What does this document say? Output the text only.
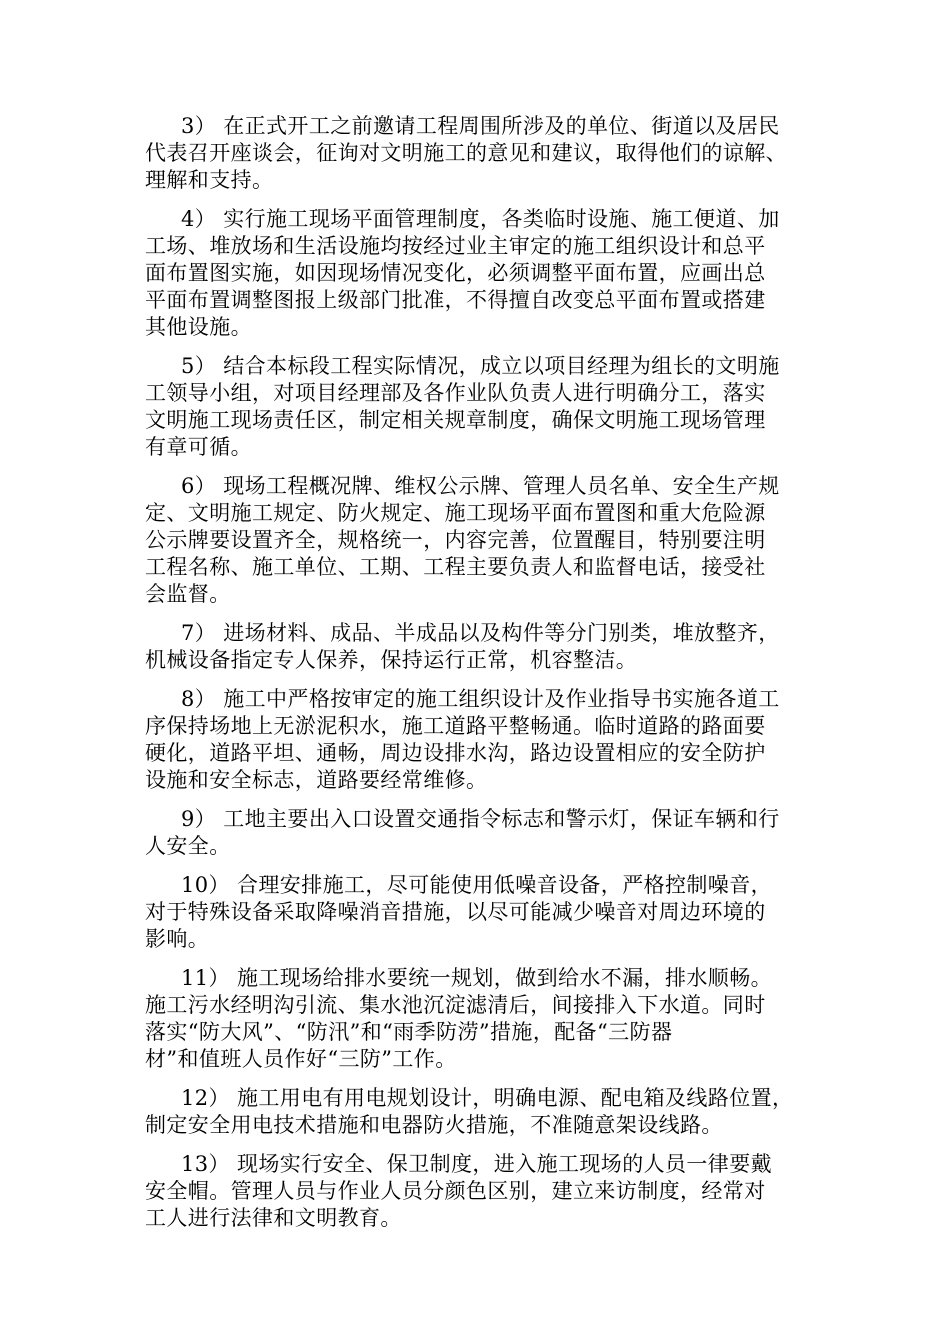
3） 在正式开工之前邀请工程周围所涉及的单位、街道以及居民
代表召开座谈会，征询对文明施工的意见和建议，取得他们的谅解、
理解和支持。

4） 实行施工现场平面管理制度，各类临时设施、施工便道、加
工场、堆放场和生活设施均按经过业主审定的施工组织设计和总平
面布置图实施，如因现场情况变化，必须调整平面布置，应画出总
平面布置调整图报上级部门批准，不得擅自改变总平面布置或搭建
其他设施。

5） 结合本标段工程实际情况，成立以项目经理为组长的文明施
工领导小组，对项目经理部及各作业队负责人进行明确分工，落实
文明施工现场责任区，制定相关规章制度，确保文明施工现场管理
有章可循。

6） 现场工程概况牌、维权公示牌、管理人员名单、安全生产规
定、文明施工规定、防火规定、施工现场平面布置图和重大危险源
公示牌要设置齐全，规格统一，内容完善，位置醒目，特别要注明
工程名称、施工单位、工期、工程主要负责人和监督电话，接受社
会监督。

7） 进场材料、成品、半成品以及构件等分门别类，堆放整齐，
机械设备指定专人保养，保持运行正常，机容整洁。

8） 施工中严格按审定的施工组织设计及作业指导书实施各道工
序保持场地上无淤泥积水，施工道路平整畅通。临时道路的路面要
硬化，道路平坦、通畅，周边设排水沟，路边设置相应的安全防护
设施和安全标志，道路要经常维修。

9） 工地主要出入口设置交通指令标志和警示灯，保证车辆和行
人安全。

10） 合理安排施工，尽可能使用低噪音设备，严格控制噪音，
对于特殊设备采取降噪消音措施，以尽可能减少噪音对周边环境的
影响。

11） 施工现场给排水要统一规划，做到给水不漏，排水顺畅。
施工污水经明沟引流、集水池沉淀滤清后，间接排入下水道。同时
落实“防大风”、“防汛”和“雨季防涝”措施，配备“三防器
材”和值班人员作好“三防”工作。

12） 施工用电有用电规划设计，明确电源、配电箱及线路位置，
制定安全用电技术措施和电器防火措施，不准随意架设线路。

13） 现场实行安全、保卫制度，进入施工现场的人员一律要戴
安全帽。管理人员与作业人员分颜色区别，建立来访制度，经常对
工人进行法律和文明教育。
